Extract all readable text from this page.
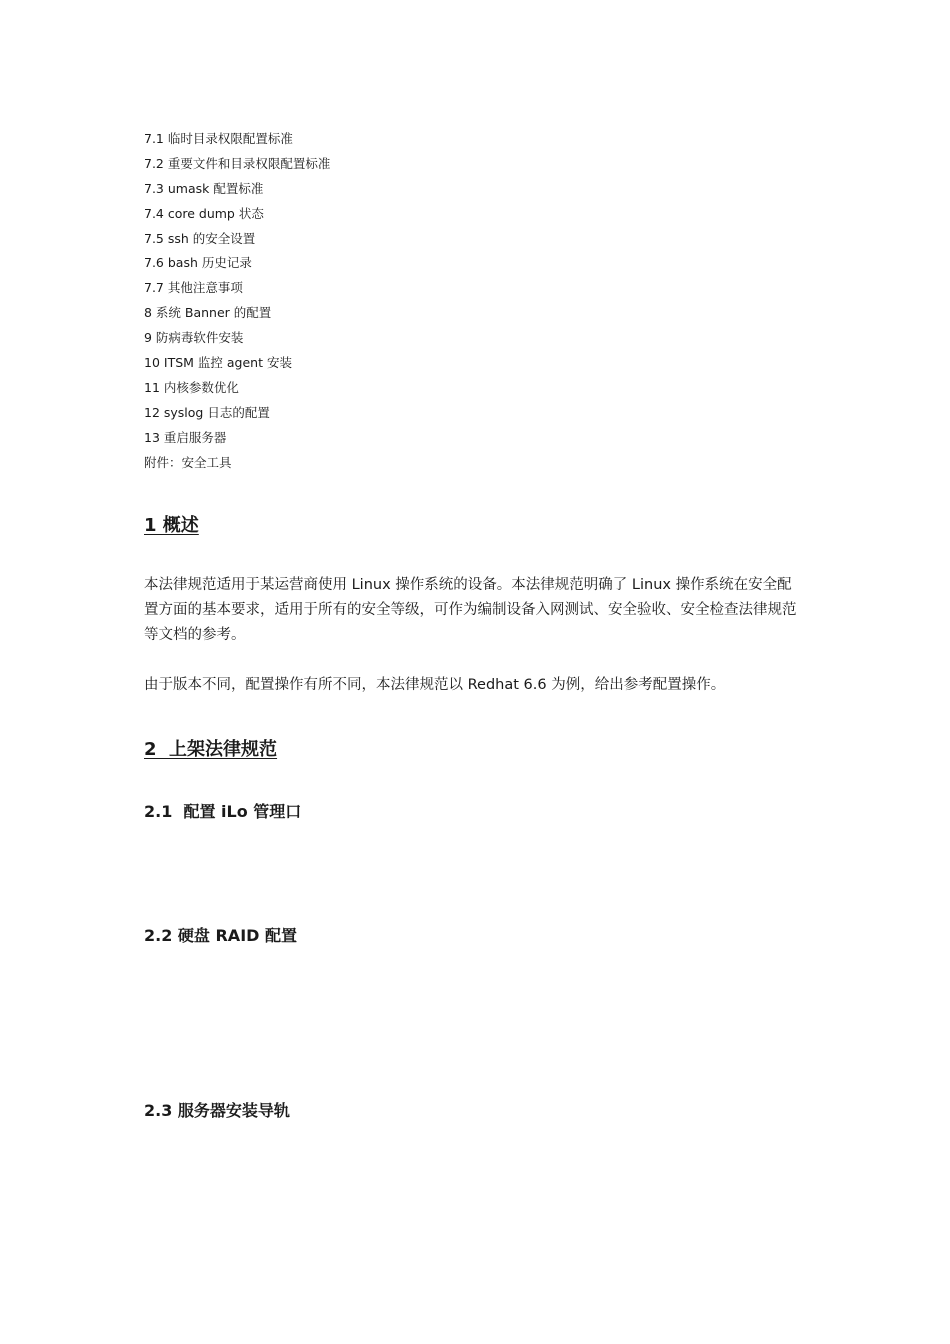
7.1 临时目录权限配置标准
7.2 重要文件和目录权限配置标准
7.3 umask 配置标准
7.4 core dump 状态
7.5 ssh 的安全设置
7.6 bash 历史记录
7.7 其他注意事项
8 系统 Banner 的配置
9 防病毒软件安装
10 ITSM 监控 agent 安装
11 内核参数优化
12 syslog 日志的配置
13 重启服务器
附件：安全工具
1 概述

本法律规范适用于某运营商使用 Linux 操作系统的设备。本法律规范明确了 Linux 操作系统在安全配置方面的基本要求，适用于所有的安全等级，可作为编制设备入网测试、安全验收、安全检查法律规范等文档的参考。

由于版本不同，配置操作有所不同，本法律规范以 Redhat 6.6 为例，给出参考配置操作。

2  上架法律规范
2.1  配置 iLo 管理口
2.2 硬盘 RAID 配置
2.3 服务器安装导轨
